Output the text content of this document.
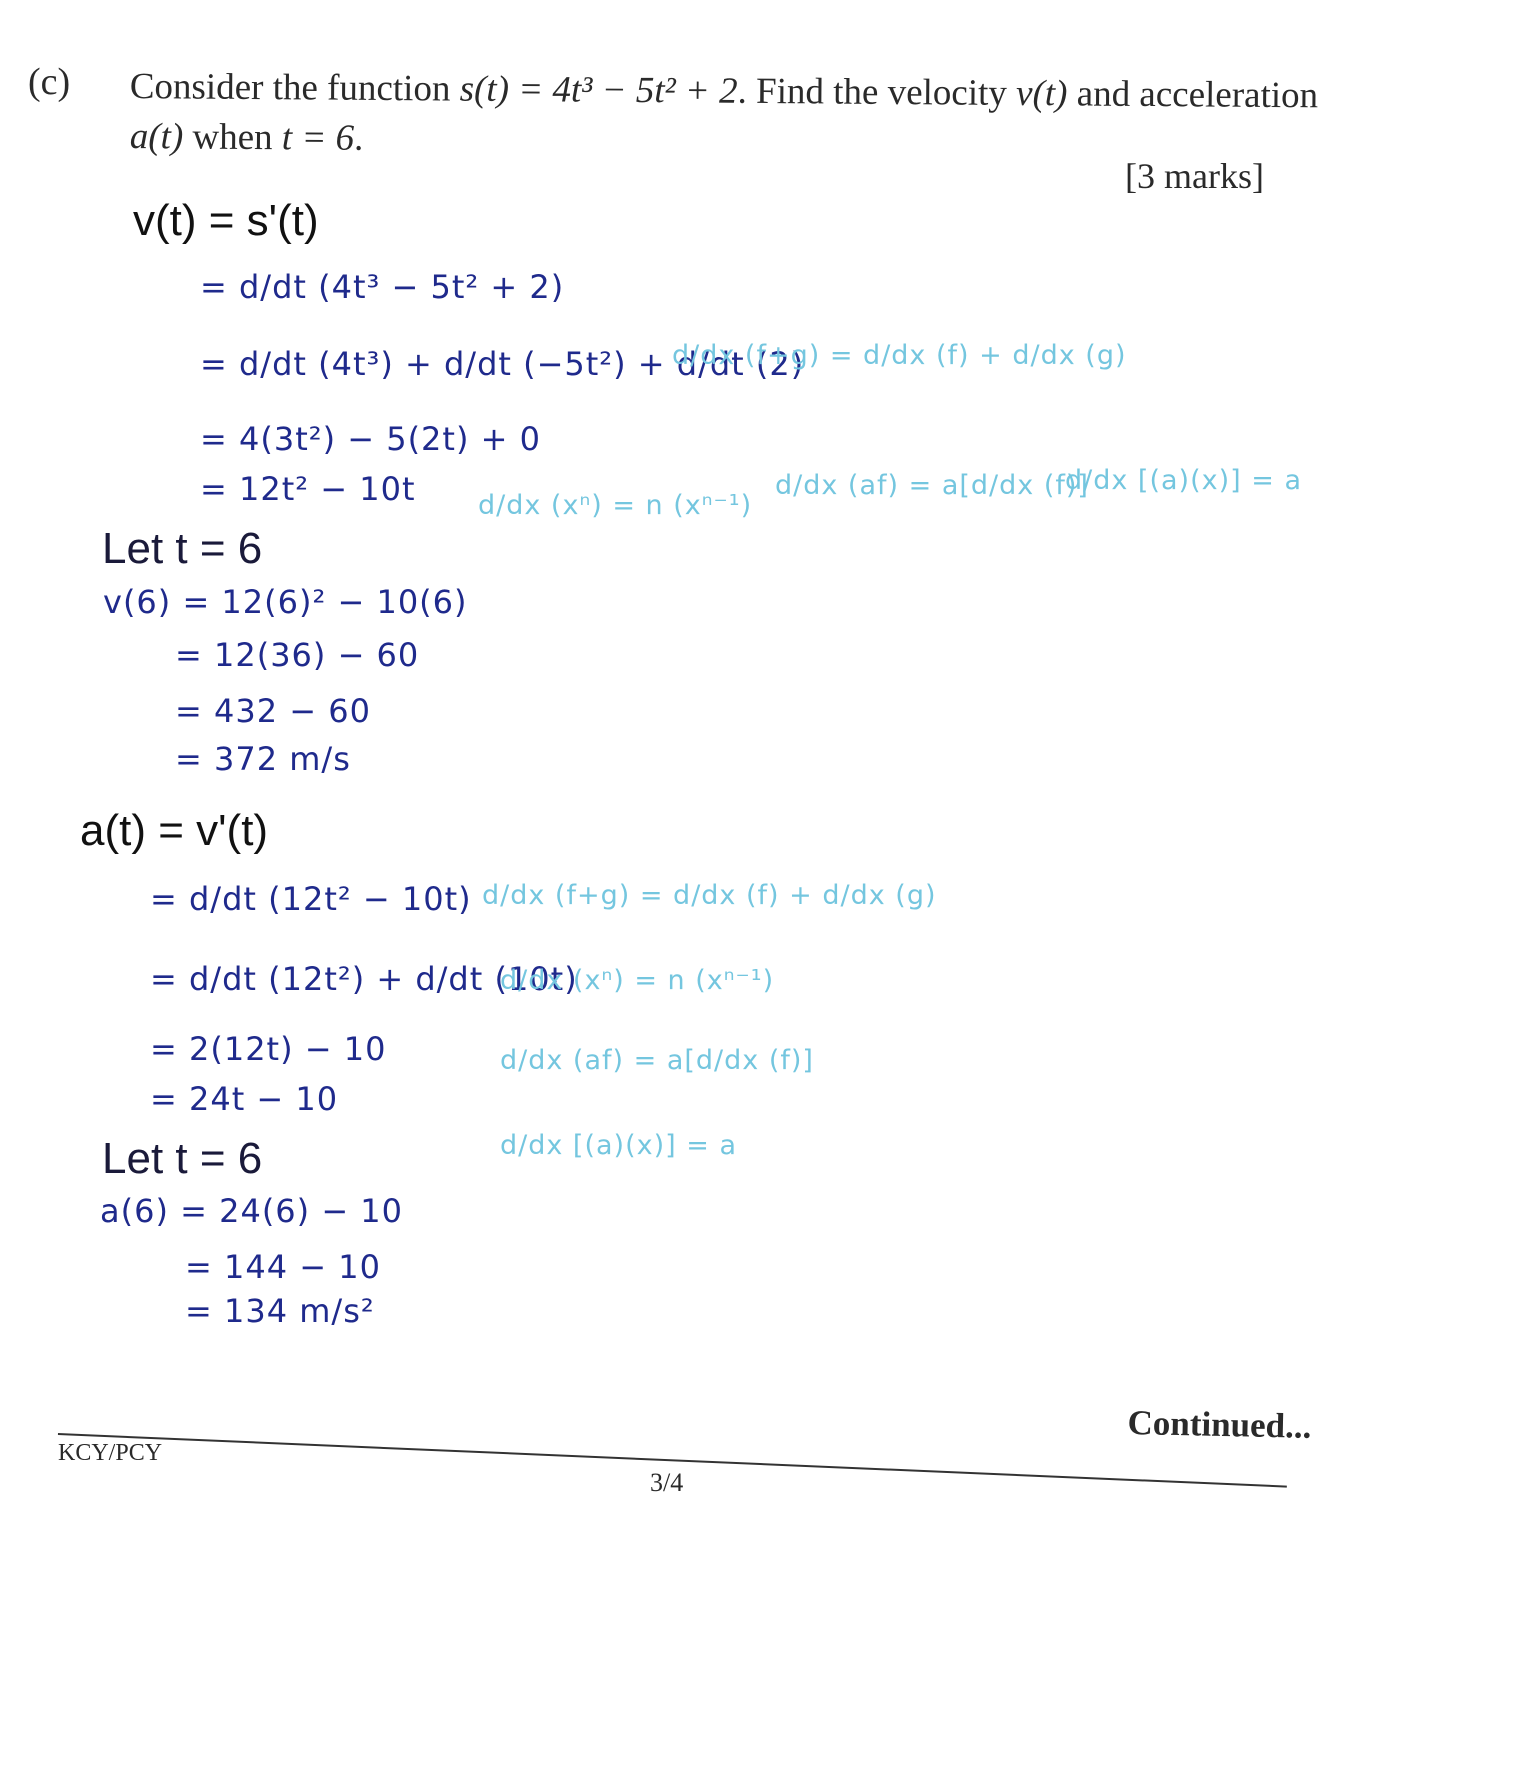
(c) Consider the function s(t) = 4t³ − 5t² + 2. Find the velocity v(t) and acceleration
a(t) when t = 6.
[3 marks]
v(t) = s'(t)
= d/dt (4t³ − 5t² + 2)
= d/dt (4t³) + d/dt (−5t²) + d/dt (2)
= 4(3t²) − 5(2t) + 0
= 12t² − 10t
d/dx (f+g) = d/dx (f) + d/dx (g)
d/dx (xⁿ) = n (xⁿ⁻¹)
d/dx (af) = a[d/dx (f)]
d/dx [(a)(x)] = a
Let t = 6
v(6) = 12(6)² − 10(6)
= 12(36) − 60
= 432 − 60
= 372 m/s
a(t) = v'(t)
= d/dt (12t² − 10t)
= d/dt (12t²) + d/dt (10t)
= 2(12t) − 10
= 24t − 10
d/dx (f+g) = d/dx (f) + d/dx (g)
d/dx (xⁿ) = n (xⁿ⁻¹)
d/dx (af) = a[d/dx (f)]
d/dx [(a)(x)] = a
Let t = 6
a(6) = 24(6) − 10
= 144 − 10
= 134 m/s²
Continued...
KCY/PCY
3/4
